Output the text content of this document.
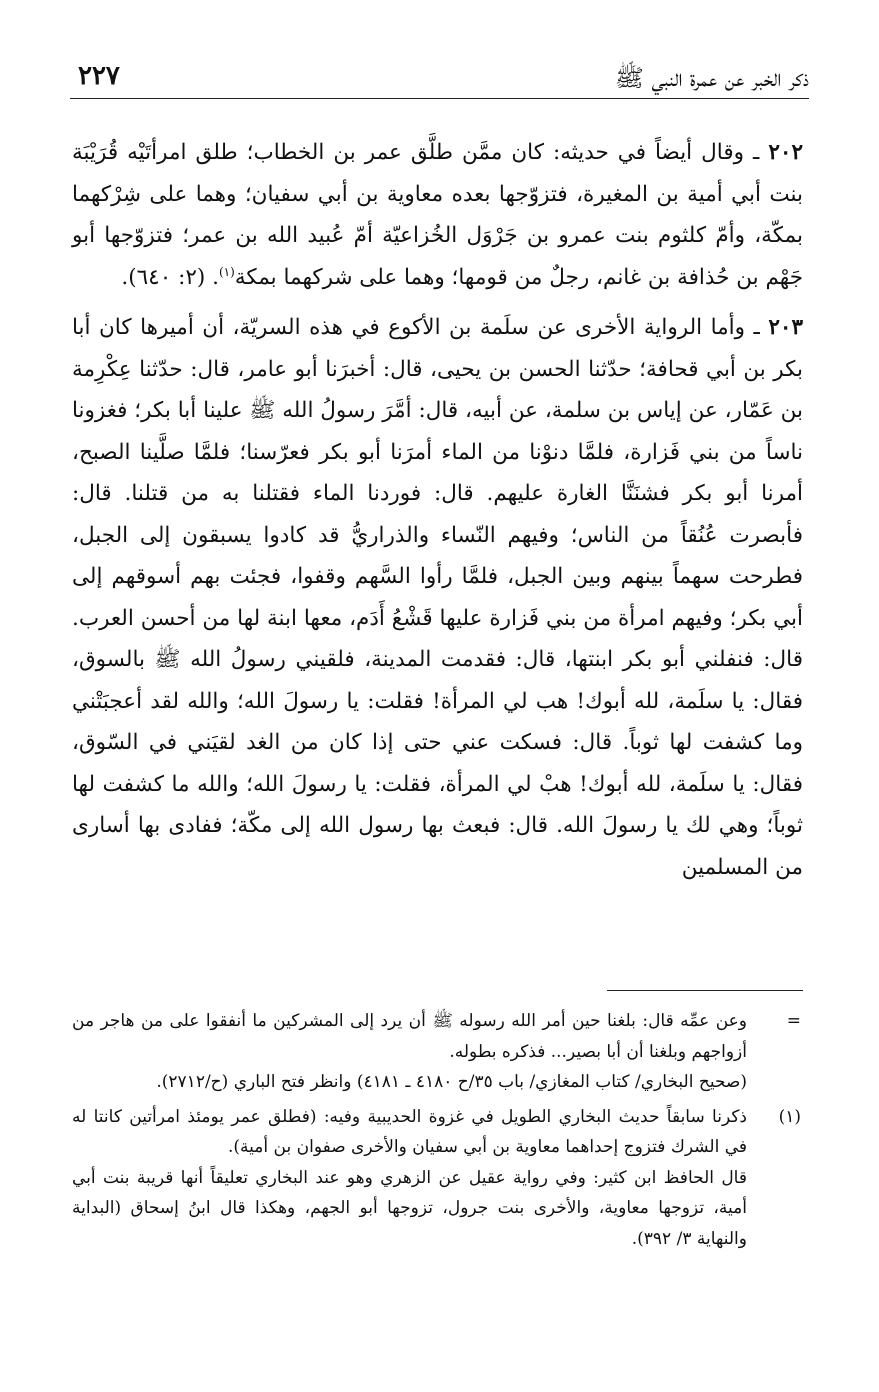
ذكر الخبر عن عمرة النبي ﷺ
٢٢٧

٢٠٢ ـ وقال أيضاً في حديثه: كان ممَّن طلَّق عمر بن الخطاب؛ طلق امرأتَيْه قُرَيْبَة بنت أبي أمية بن المغيرة، فتزوّجها بعده معاوية بن أبي سفيان؛ وهما على شِرْكهما بمكّة، وأمّ كلثوم بنت عمرو بن جَرْوَل الخُزاعيّة أمّ عُبيد الله بن عمر؛ فتزوّجها أبو جَهْم بن حُذافة بن غانم، رجلٌ من قومها؛ وهما على شركهما بمكة$^{(١)}$. (٢: ٦٤٠).

٢٠٣ ـ وأما الرواية الأخرى عن سلَمة بن الأكوع في هذه السريّة، أن أميرها كان أبا بكر بن أبي قحافة؛ حدّثنا الحسن بن يحيى، قال: أخبرَنا أبو عامر، قال: حدّثنا عِكْرِمة بن عَمّار، عن إياس بن سلمة، عن أبيه، قال: أمَّرَ رسولُ الله ﷺ علينا أبا بكر؛ فغزونا ناساً من بني فَزارة، فلمَّا دنوْنا من الماء أمرَنا أبو بكر فعرّسنا؛ فلمَّا صلَّينا الصبح، أمرنا أبو بكر فشنَنَّا الغارة عليهم. قال: فوردنا الماء فقتلنا به من قتلنا. قال: فأبصرت عُنُقاً من الناس؛ وفيهم النّساء والذراريُّ قد كادوا يسبقون إلى الجبل، فطرحت سهماً بينهم وبين الجبل، فلمَّا رأوا السَّهم وقفوا، فجئت بهم أسوقهم إلى أبي بكر؛ وفيهم امرأة من بني فَزارة عليها قَشْعُ أَدَم، معها ابنة لها من أحسن العرب. قال: فنفلني أبو بكر ابنتها، قال: فقدمت المدينة، فلقيني رسولُ الله ﷺ بالسوق، فقال: يا سلَمة، لله أبوك! هب لي المرأة! فقلت: يا رسولَ الله؛ والله لقد أعجبَتْني وما كشفت لها ثوباً. قال: فسكت عني حتى إذا كان من الغد لقيَني في السّوق، فقال: يا سلَمة، لله أبوك! هبْ لي المرأة، فقلت: يا رسولَ الله؛ والله ما كشفت لها ثوباً؛ وهي لك يا رسولَ الله. قال: فبعث بها رسول الله إلى مكّة؛ ففادى بها أسارى من المسلمين

=

وعن عمِّه قال: بلغنا حين أمر الله رسوله ﷺ أن يرد إلى المشركين ما أنفقوا على من هاجر من أزواجهم وبلغنا أن أبا بصير... فذكره بطوله.

(صحيح البخاري/ كتاب المغازي/ باب ٣٥/ح ٤١٨٠ ـ ٤١٨١) وانظر فتح الباري (ح/٢٧١٢).

(١)

ذكرنا سابقاً حديث البخاري الطويل في غزوة الحديبية وفيه: (فطلق عمر يومئذ امرأتين كانتا له في الشرك فتزوج إحداهما معاوية بن أبي سفيان والأخرى صفوان بن أمية).

قال الحافظ ابن كثير: وفي رواية عقيل عن الزهري وهو عند البخاري تعليقاً أنها قريبة بنت أبي أمية، تزوجها معاوية، والأخرى بنت جرول، تزوجها أبو الجهم، وهكذا قال ابنُ إسحاق (البداية والنهاية ٣/ ٣٩٢).
